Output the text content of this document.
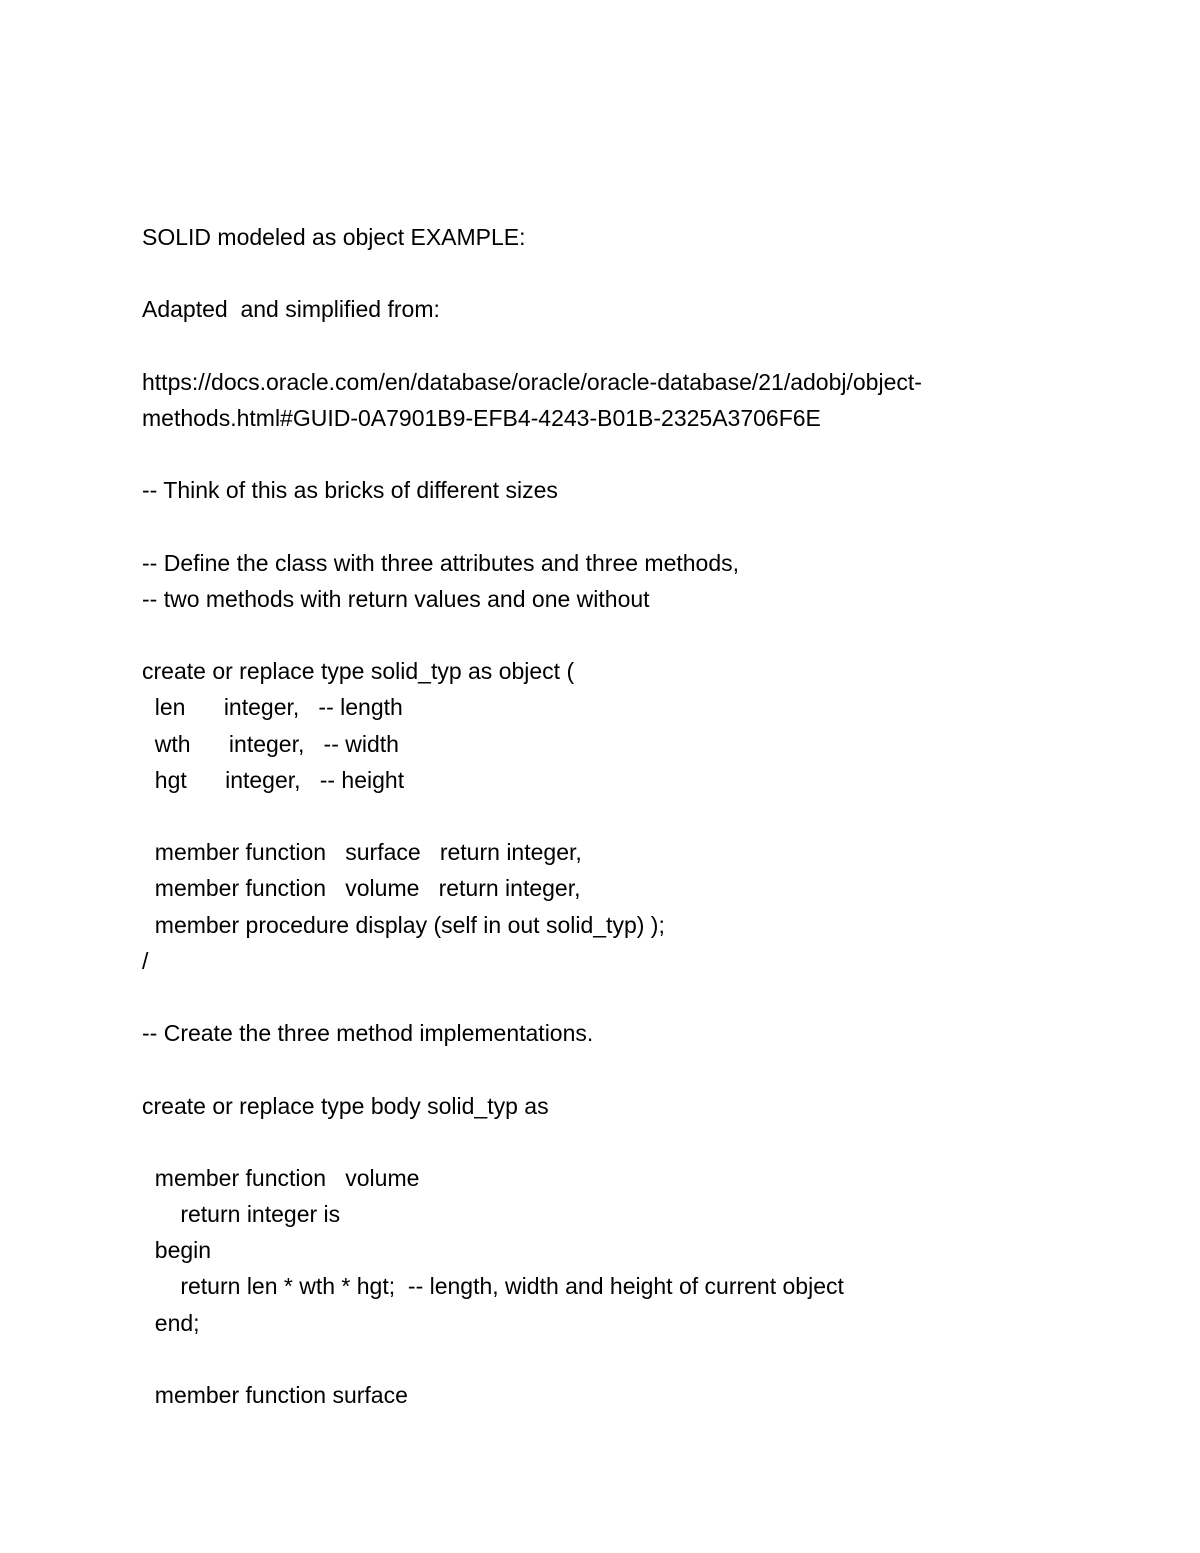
SOLID modeled as object EXAMPLE:
Adapted  and simplified from:
https://docs.oracle.com/en/database/oracle/oracle-database/21/adobj/object-
methods.html#GUID-0A7901B9-EFB4-4243-B01B-2325A3706F6E
-- Think of this as bricks of different sizes
-- Define the class with three attributes and three methods,
-- two methods with return values and one without
create or replace type solid_typ as object (
len      integer,   -- length
wth      integer,   -- width
hgt      integer,   -- height
member function   surface   return integer,
member function   volume   return integer,
member procedure display (self in out solid_typ) );
/
-- Create the three method implementations.
create or replace type body solid_typ as
member function   volume
return integer is
begin
return len * wth * hgt;  -- length, width and height of current object
end;
member function surface
